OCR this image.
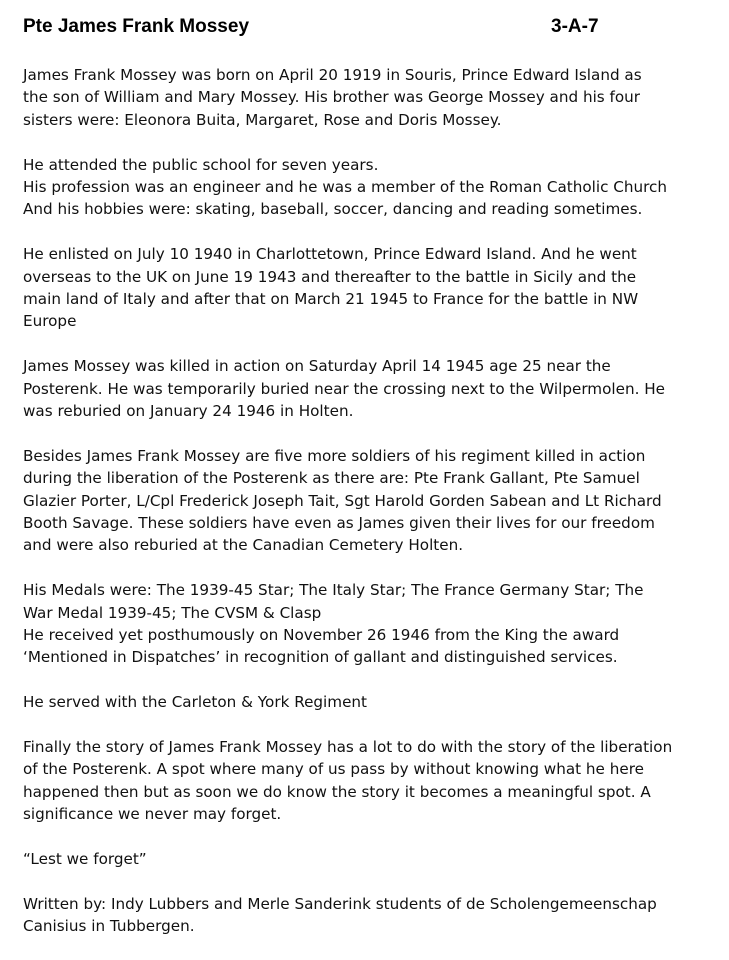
Pte James Frank Mossey	3-A-7

James Frank Mossey was born on April 20 1919 in Souris, Prince Edward Island as
the son of William and Mary Mossey. His brother was George Mossey and his four
sisters were: Eleonora Buita, Margaret, Rose and Doris Mossey.

He attended the public school for seven years.
His profession was an engineer and he was a member of the Roman Catholic Church
And his hobbies were: skating, baseball, soccer, dancing and reading sometimes.

He enlisted on July 10 1940 in Charlottetown, Prince Edward Island. And he went
overseas to the UK on June 19 1943 and thereafter to the battle in Sicily and the
main land of Italy and after that on March 21 1945 to France for the battle in NW
Europe

James Mossey was killed in action on Saturday April 14 1945 age 25 near the
Posterenk. He was temporarily buried near the crossing next to the Wilpermolen. He
was reburied on January 24 1946 in Holten.

Besides James Frank Mossey are five more soldiers of his regiment killed in action
during the liberation of the Posterenk as there are: Pte Frank Gallant, Pte Samuel
Glazier Porter, L/Cpl Frederick Joseph Tait, Sgt Harold Gorden Sabean and Lt Richard
Booth Savage. These soldiers have even as James given their lives for our freedom
and were also reburied at the Canadian Cemetery Holten.

His Medals were: The 1939-45 Star; The Italy Star; The France Germany Star; The
War Medal 1939-45; The CVSM & Clasp
He received yet posthumously on November 26 1946 from the King the award
‘Mentioned in Dispatches’ in recognition of gallant and distinguished services.

He served with the Carleton & York Regiment

Finally the story of James Frank Mossey has a lot to do with the story of the liberation
of the Posterenk. A spot where many of us pass by without knowing what he here
happened then but as soon we do know the story it becomes a meaningful spot. A
significance we never may forget.

“Lest we forget”

Written by: Indy Lubbers and Merle Sanderink students of de Scholengemeenschap
Canisius in Tubbergen.
